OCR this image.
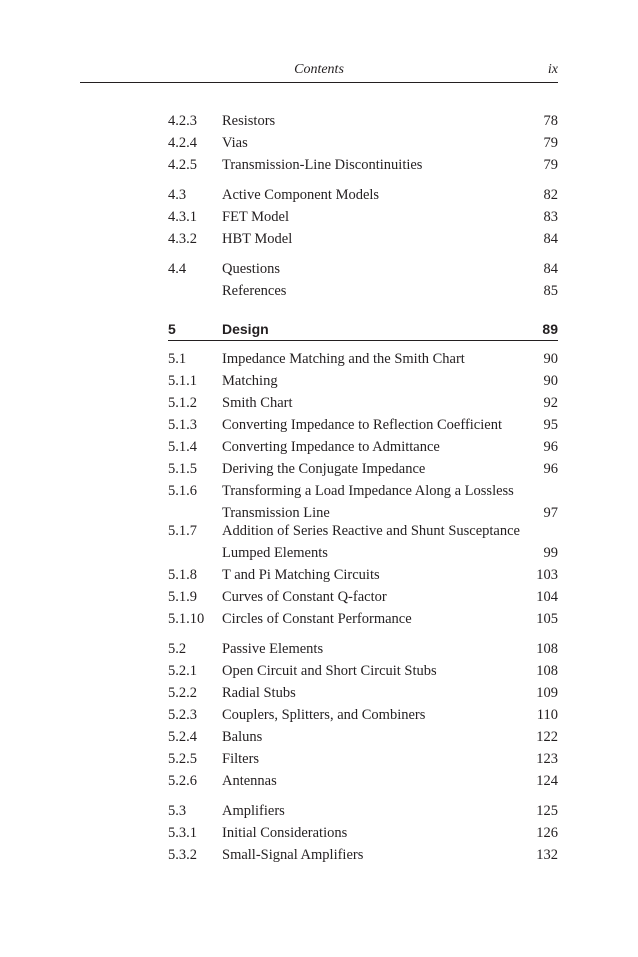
Contents	ix
4.2.3 Resistors	78
4.2.4 Vias	79
4.2.5 Transmission-Line Discontinuities	79
4.3 Active Component Models	82
4.3.1 FET Model	83
4.3.2 HBT Model	84
4.4 Questions	84
References	85
5	Design	89
5.1 Impedance Matching and the Smith Chart	90
5.1.1 Matching	90
5.1.2 Smith Chart	92
5.1.3 Converting Impedance to Reflection Coefficient	95
5.1.4 Converting Impedance to Admittance	96
5.1.5 Deriving the Conjugate Impedance	96
5.1.6 Transforming a Load Impedance Along a Lossless
Transmission Line	97
5.1.7 Addition of Series Reactive and Shunt Susceptance
Lumped Elements	99
5.1.8 T and Pi Matching Circuits	103
5.1.9 Curves of Constant Q-factor	104
5.1.10 Circles of Constant Performance	105
5.2 Passive Elements	108
5.2.1 Open Circuit and Short Circuit Stubs	108
5.2.2 Radial Stubs	109
5.2.3 Couplers, Splitters, and Combiners	110
5.2.4 Baluns	122
5.2.5 Filters	123
5.2.6 Antennas	124
5.3 Amplifiers	125
5.3.1 Initial Considerations	126
5.3.2 Small-Signal Amplifiers	132
